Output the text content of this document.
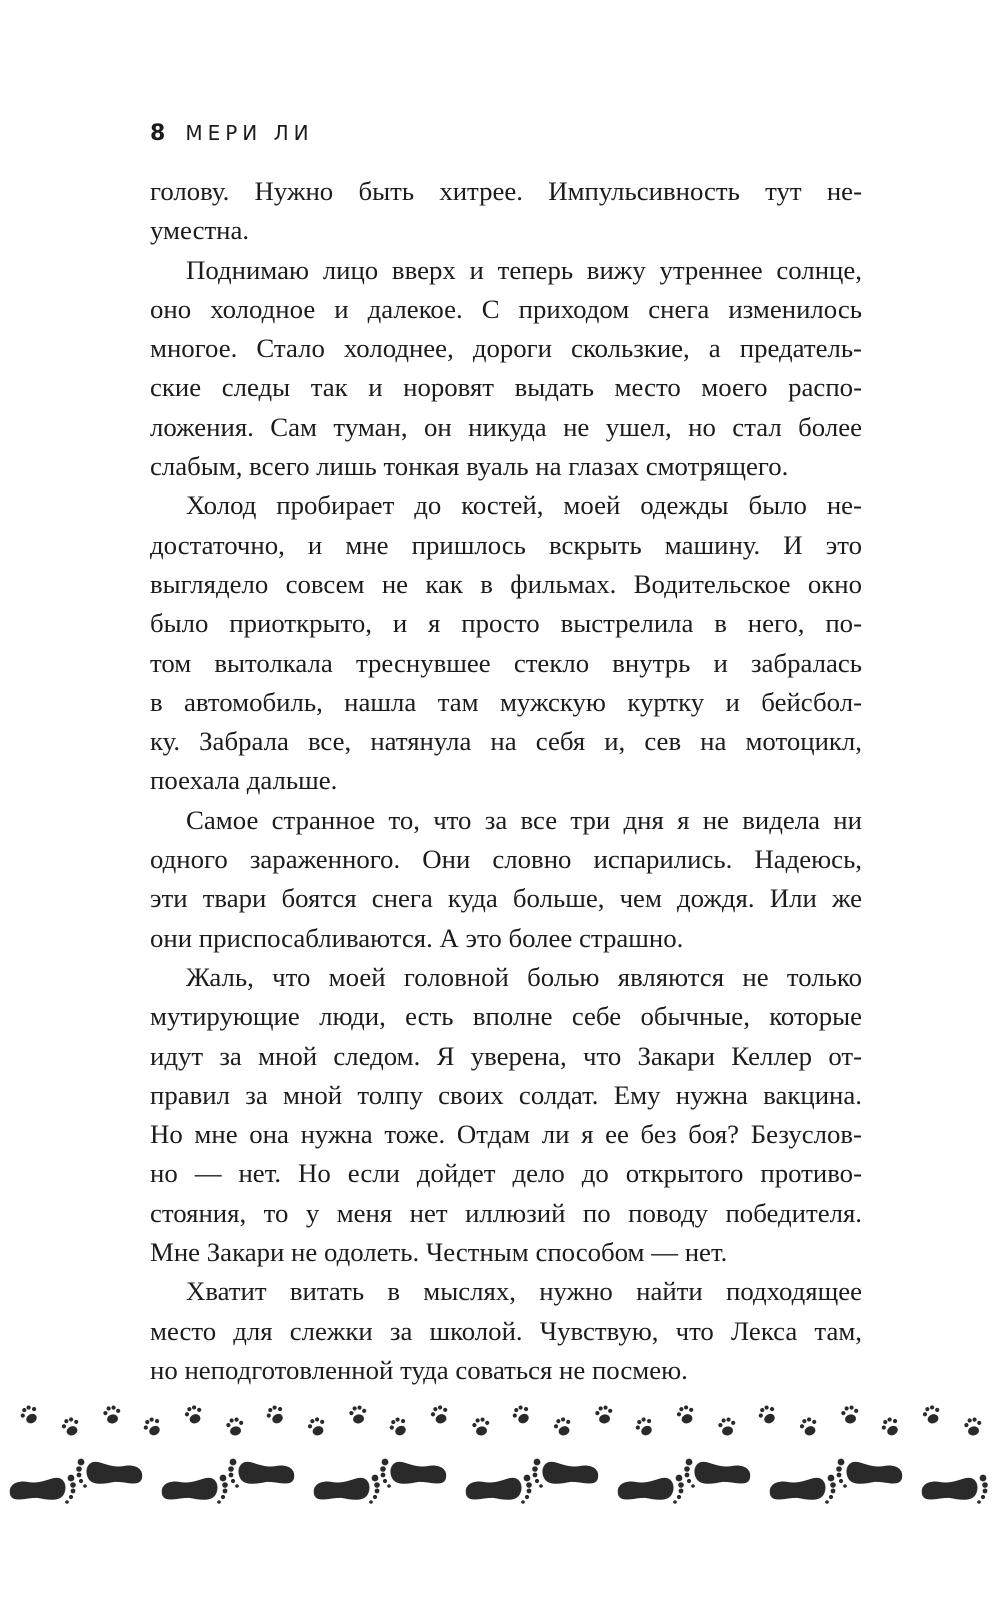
8 МЕРИ ЛИ

голову. Нужно быть хитрее. Импульсивность тут не-
уместна.

Поднимаю лицо вверх и теперь вижу утреннее солнце,
оно холодное и далекое. С приходом снега изменилось
многое. Стало холоднее, дороги скользкие, а предатель-
ские следы так и норовят выдать место моего распо-
ложения. Сам туман, он никуда не ушел, но стал более
слабым, всего лишь тонкая вуаль на глазах смотрящего.

Холод пробирает до костей, моей одежды было не-
достаточно, и мне пришлось вскрыть машину. И это
выглядело совсем не как в фильмах. Водительское окно
было приоткрыто, и я просто выстрелила в него, по-
том вытолкала треснувшее стекло внутрь и забралась
в автомобиль, нашла там мужскую куртку и бейсбол-
ку. Забрала все, натянула на себя и, сев на мотоцикл,
поехала дальше.

Самое странное то, что за все три дня я не видела ни
одного зараженного. Они словно испарились. Надеюсь,
эти твари боятся снега куда больше, чем дождя. Или же
они приспосабливаются. А это более страшно.

Жаль, что моей головной болью являются не только
мутирующие люди, есть вполне себе обычные, которые
идут за мной следом. Я уверена, что Закари Келлер от-
правил за мной толпу своих солдат. Ему нужна вакцина.
Но мне она нужна тоже. Отдам ли я ее без боя? Безуслов-
но — нет. Но если дойдет дело до открытого противо-
стояния, то у меня нет иллюзий по поводу победителя.
Мне Закари не одолеть. Честным способом — нет.

Хватит витать в мыслях, нужно найти подходящее
место для слежки за школой. Чувствую, что Лекса там,
но неподготовленной туда соваться не посмею.
